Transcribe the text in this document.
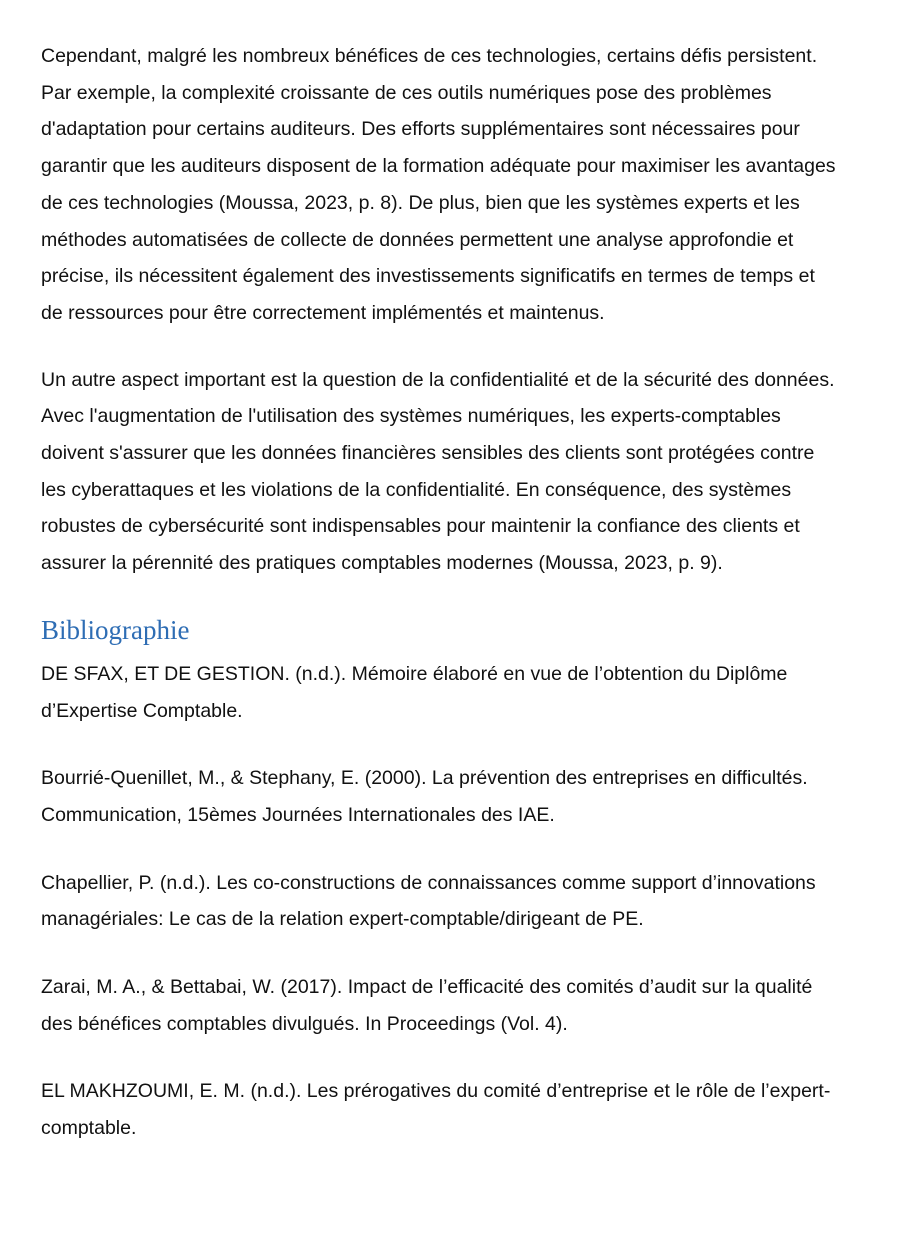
Cependant, malgré les nombreux bénéfices de ces technologies, certains défis persistent. Par exemple, la complexité croissante de ces outils numériques pose des problèmes d'adaptation pour certains auditeurs. Des efforts supplémentaires sont nécessaires pour garantir que les auditeurs disposent de la formation adéquate pour maximiser les avantages de ces technologies (Moussa, 2023, p. 8). De plus, bien que les systèmes experts et les méthodes automatisées de collecte de données permettent une analyse approfondie et précise, ils nécessitent également des investissements significatifs en termes de temps et de ressources pour être correctement implémentés et maintenus.

Un autre aspect important est la question de la confidentialité et de la sécurité des données. Avec l'augmentation de l'utilisation des systèmes numériques, les experts-comptables doivent s'assurer que les données financières sensibles des clients sont protégées contre les cyberattaques et les violations de la confidentialité. En conséquence, des systèmes robustes de cybersécurité sont indispensables pour maintenir la confiance des clients et assurer la pérennité des pratiques comptables modernes (Moussa, 2023, p. 9).

Bibliographie

DE SFAX, ET DE GESTION. (n.d.). Mémoire élaboré en vue de l’obtention du Diplôme d’Expertise Comptable.

Bourrié-Quenillet, M., & Stephany, E. (2000). La prévention des entreprises en difficultés. Communication, 15èmes Journées Internationales des IAE.

Chapellier, P. (n.d.). Les co-constructions de connaissances comme support d’innovations managériales: Le cas de la relation expert-comptable/dirigeant de PE.

Zarai, M. A., & Bettabai, W. (2017). Impact de l’efficacité des comités d’audit sur la qualité des bénéfices comptables divulgués. In Proceedings (Vol. 4).

EL MAKHZOUMI, E. M. (n.d.). Les prérogatives du comité d’entreprise et le rôle de l’expert-comptable.
